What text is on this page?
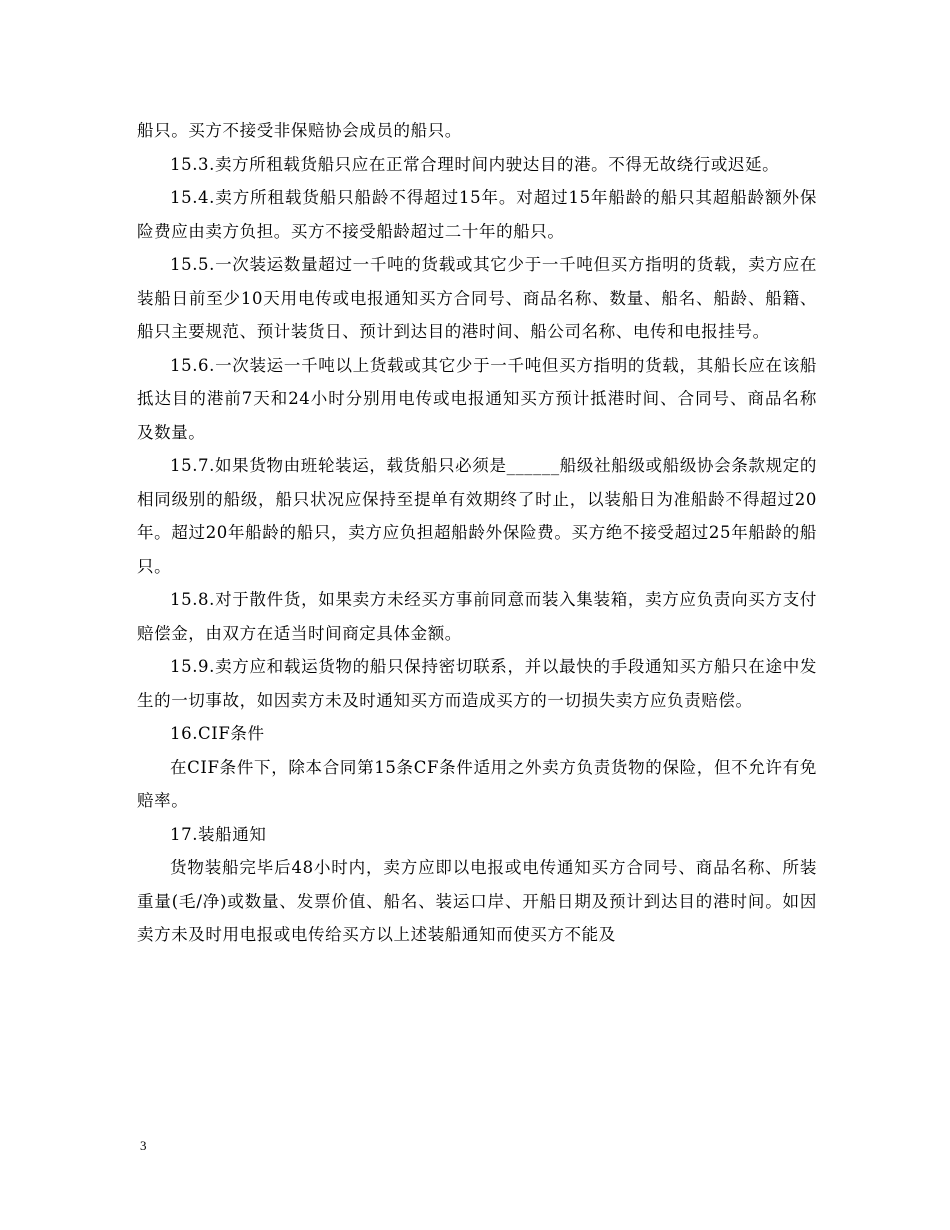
船只。买方不接受非保赔协会成员的船只。

15.3.卖方所租载货船只应在正常合理时间内驶达目的港。不得无故绕行或迟延。

15.4.卖方所租载货船只船龄不得超过15年。对超过15年船龄的船只其超船龄额外保险费应由卖方负担。买方不接受船龄超过二十年的船只。

15.5.一次装运数量超过一千吨的货载或其它少于一千吨但买方指明的货载，卖方应在装船日前至少10天用电传或电报通知买方合同号、商品名称、数量、船名、船龄、船籍、船只主要规范、预计装货日、预计到达目的港时间、船公司名称、电传和电报挂号。

15.6.一次装运一千吨以上货载或其它少于一千吨但买方指明的货载，其船长应在该船抵达目的港前7天和24小时分别用电传或电报通知买方预计抵港时间、合同号、商品名称及数量。

15.7.如果货物由班轮装运，载货船只必须是______船级社船级或船级协会条款规定的相同级别的船级，船只状况应保持至提单有效期终了时止，以装船日为准船龄不得超过20年。超过20年船龄的船只，卖方应负担超船龄外保险费。买方绝不接受超过25年船龄的船只。

15.8.对于散件货，如果卖方未经买方事前同意而装入集装箱，卖方应负责向买方支付赔偿金，由双方在适当时间商定具体金额。

15.9.卖方应和载运货物的船只保持密切联系，并以最快的手段通知买方船只在途中发生的一切事故，如因卖方未及时通知买方而造成买方的一切损失卖方应负责赔偿。

16.CIF条件

在CIF条件下，除本合同第15条CF条件适用之外卖方负责货物的保险，但不允许有免赔率。

17.装船通知

货物装船完毕后48小时内，卖方应即以电报或电传通知买方合同号、商品名称、所装重量(毛/净)或数量、发票价值、船名、装运口岸、开船日期及预计到达目的港时间。如因卖方未及时用电报或电传给买方以上述装船通知而使买方不能及

3
